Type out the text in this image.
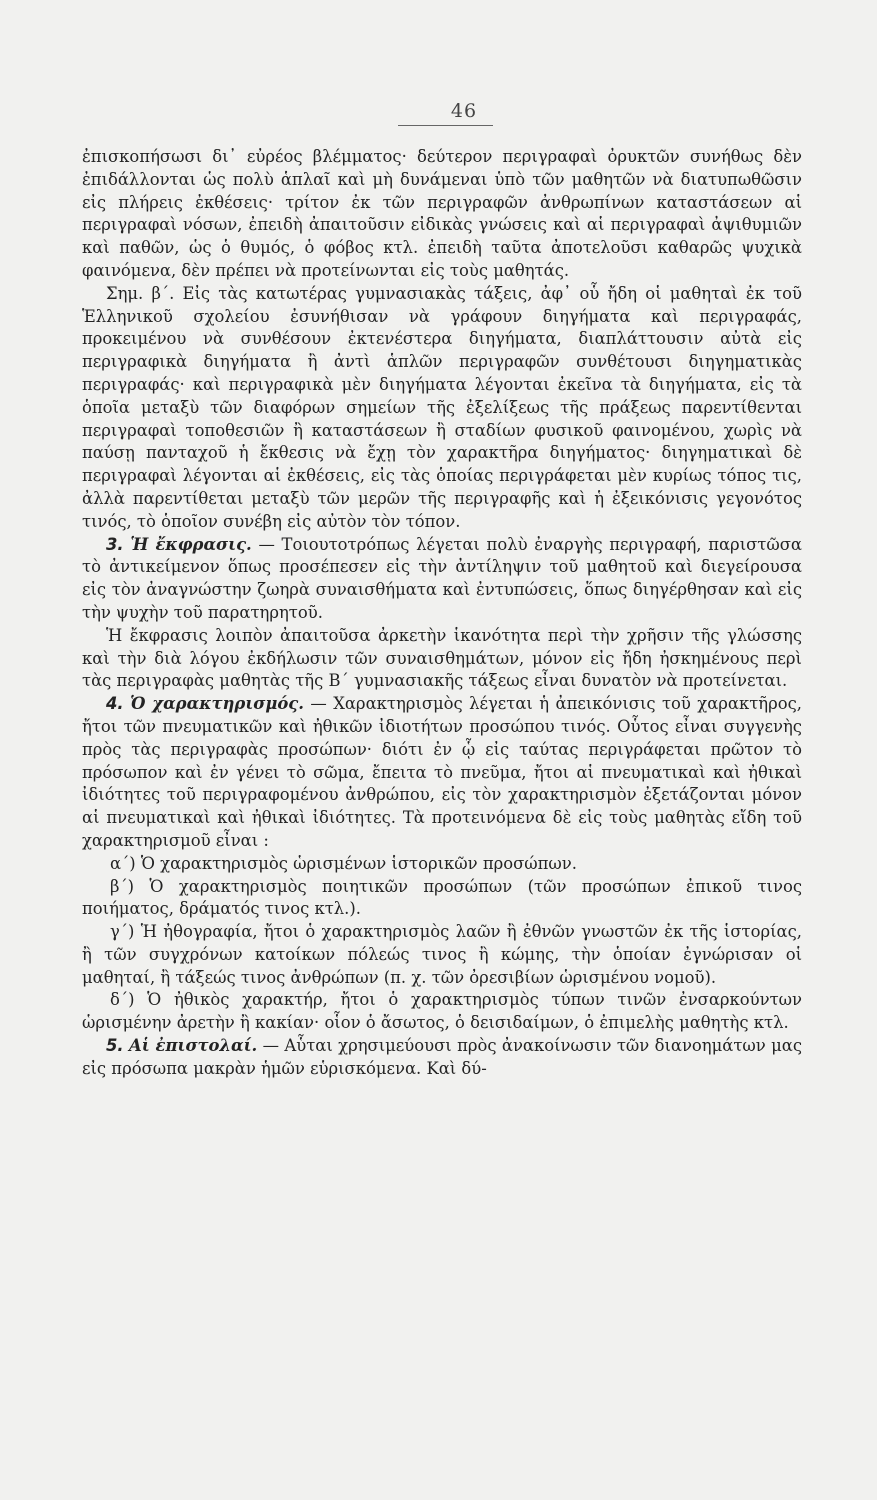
46

ἐπισκοπήσωσι δι᾽ εὐρέος βλέμματος· δεύτερον περιγραφαὶ ὀρυκτῶν συνήθως δὲν ἐπιδάλλονται ὡς πολὺ ἁπλαῖ καὶ μὴ δυνάμεναι ὑπὸ τῶν μαθητῶν νὰ διατυπωθῶσιν εἰς πλήρεις ἐκθέσεις· τρίτον ἐκ τῶν περιγραφῶν ἀνθρωπίνων καταστάσεων αἱ περιγραφαὶ νόσων, ἐπειδὴ ἀπαιτοῦσιν εἰδικὰς γνώσεις καὶ αἱ περιγραφαὶ ἀψιθυμιῶν καὶ παθῶν, ὡς ὁ θυμός, ὁ φόβος κτλ. ἐπειδὴ ταῦτα ἀποτελοῦσι καθαρῶς ψυχικὰ φαινόμενα, δὲν πρέπει νὰ προτείνωνται εἰς τοὺς μαθητάς.

Σημ. β΄. Εἰς τὰς κατωτέρας γυμνασιακὰς τάξεις, ἀφ᾽ οὗ ἤδη οἱ μαθηταὶ ἐκ τοῦ Ἑλληνικοῦ σχολείου ἐσυνήθισαν νὰ γράφουν διηγήματα καὶ περιγραφάς, προκειμένου νὰ συνθέσουν ἐκτενέστερα διηγήματα, διαπλάττουσιν αὐτὰ εἰς περιγραφικὰ διηγήματα ἢ ἀντὶ ἁπλῶν περιγραφῶν συνθέτουσι διηγηματικὰς περιγραφάς· καὶ περιγραφικὰ μὲν διηγήματα λέγονται ἐκεῖνα τὰ διηγήματα, εἰς τὰ ὁποῖα μεταξὺ τῶν διαφόρων σημείων τῆς ἐξελίξεως τῆς πράξεως παρεντίθενται περιγραφαὶ τοποθεσιῶν ἢ καταστάσεων ἢ σταδίων φυσικοῦ φαινομένου, χωρὶς νὰ παύσῃ πανταχοῦ ἡ ἔκθεσις νὰ ἔχῃ τὸν χαρακτῆρα διηγήματος· διηγηματικαὶ δὲ περιγραφαὶ λέγονται αἱ ἐκθέσεις, εἰς τὰς ὁποίας περιγράφεται μὲν κυρίως τόπος τις, ἀλλὰ παρεντίθεται μεταξὺ τῶν μερῶν τῆς περιγραφῆς καὶ ἡ ἐξεικόνισις γεγονότος τινός, τὸ ὁποῖον συνέβη εἰς αὐτὸν τὸν τόπον.

3. Ἡ ἔκφρασις. — Τοιουτοτρόπως λέγεται πολὺ ἐναργὴς περιγραφή, παριστῶσα τὸ ἀντικείμενον ὅπως προσέπεσεν εἰς τὴν ἀντίληψιν τοῦ μαθητοῦ καὶ διεγείρουσα εἰς τὸν ἀναγνώστην ζωηρὰ συναισθήματα καὶ ἐντυπώσεις, ὅπως διηγέρθησαν καὶ εἰς τὴν ψυχὴν τοῦ παρατηρητοῦ.

Ἡ ἔκφρασις λοιπὸν ἀπαιτοῦσα ἀρκετὴν ἱκανότητα περὶ τὴν χρῆσιν τῆς γλώσσης καὶ τὴν διὰ λόγου ἐκδήλωσιν τῶν συναισθημάτων, μόνον εἰς ἤδη ἠσκημένους περὶ τὰς περιγραφὰς μαθητὰς τῆς Β΄ γυμνασιακῆς τάξεως εἶναι δυνατὸν νὰ προτείνεται.

4. Ὁ χαρακτηρισμός. — Χαρακτηρισμὸς λέγεται ἡ ἀπεικόνισις τοῦ χαρακτῆρος, ἤτοι τῶν πνευματικῶν καὶ ἠθικῶν ἰδιοτήτων προσώπου τινός. Οὗτος εἶναι συγγενὴς πρὸς τὰς περιγραφὰς προσώπων· διότι ἐν ᾧ εἰς ταύτας περιγράφεται πρῶτον τὸ πρόσωπον καὶ ἐν γένει τὸ σῶμα, ἔπειτα τὸ πνεῦμα, ἤτοι αἱ πνευματικαὶ καὶ ἠθικαὶ ἰδιότητες τοῦ περιγραφομένου ἀνθρώπου, εἰς τὸν χαρακτηρισμὸν ἐξετάζονται μόνον αἱ πνευματικαὶ καὶ ἠθικαὶ ἰδιότητες. Τὰ προτεινόμενα δὲ εἰς τοὺς μαθητὰς εἴδη τοῦ χαρακτηρισμοῦ εἶναι :

α΄) Ὁ χαρακτηρισμὸς ὡρισμένων ἱστορικῶν προσώπων.

β΄) Ὁ χαρακτηρισμὸς ποιητικῶν προσώπων (τῶν προσώπων ἐπικοῦ τινος ποιήματος, δράματός τινος κτλ.).

γ΄) Ἡ ἠθογραφία, ἤτοι ὁ χαρακτηρισμὸς λαῶν ἢ ἐθνῶν γνωστῶν ἐκ τῆς ἱστορίας, ἢ τῶν συγχρόνων κατοίκων πόλεώς τινος ἢ κώμης, τὴν ὁποίαν ἐγνώρισαν οἱ μαθηταί, ἢ τάξεώς τινος ἀνθρώπων (π. χ. τῶν ὀρεσιβίων ὡρισμένου νομοῦ).

δ΄) Ὁ ἠθικὸς χαρακτήρ, ἤτοι ὁ χαρακτηρισμὸς τύπων τινῶν ἐνσαρκούντων ὡρισμένην ἀρετὴν ἢ κακίαν· οἷον ὁ ἄσωτος, ὁ δεισιδαίμων, ὁ ἐπιμελὴς μαθητὴς κτλ.

5. Αἱ ἐπιστολαί. — Αὗται χρησιμεύουσι πρὸς ἀνακοίνωσιν τῶν διανοημάτων μας εἰς πρόσωπα μακρὰν ἡμῶν εὑρισκόμενα. Καὶ δύ-
